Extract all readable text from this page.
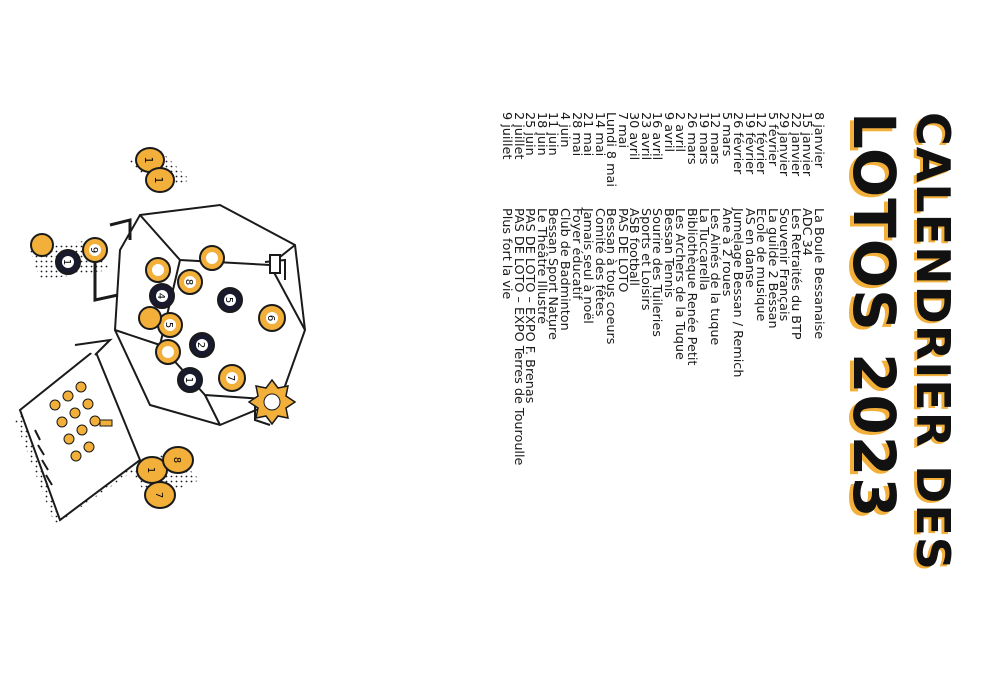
1
1
8
4
5
6
5
2
1	7
1
9
1
8
7	CALENDRIER DES
LOTOS 2023
8 janvier
La Boule Bessanaise
15 janvier
ADC 34
22 janvier
Les Retraités du BTP
29 janvier
Souvenir Français
5 février
La guilde 2 Bessan
12 février
Ecole de musique
19 février
AS en danse
26 février
Jumelage Bessan / Remich
5 mars
Ane à 2 roues
12 mars
Les Ainés de la tuque
19 mars
La Tuccarella
26 mars
Bibliothèque Renée Petit
2 avril
Les Archers de la Tuque
9 avril
Bessan Tennis
16 avril
Sourire des Tuileries
23 avril
Sports et Loisirs
30 avril
ASB football
7 mai
PAS DE LOTO
Lundi 8 mai
Bessan à tous coeurs
14 mai
Comité des fêtes
21 mai
Jamais seul à noël
28 mai
Foyer éducatif
4 juin
Club de Badminton
11 juin
Bessan Sport Nature
18 juin
Le Théâtre Illustré
25 juin
PAS DE LOTO – EXPO F. Brenas
2 juillet
PAS DE LOTO – EXPO Terres de Touroulle
9 juillet
Plus fort la vie
